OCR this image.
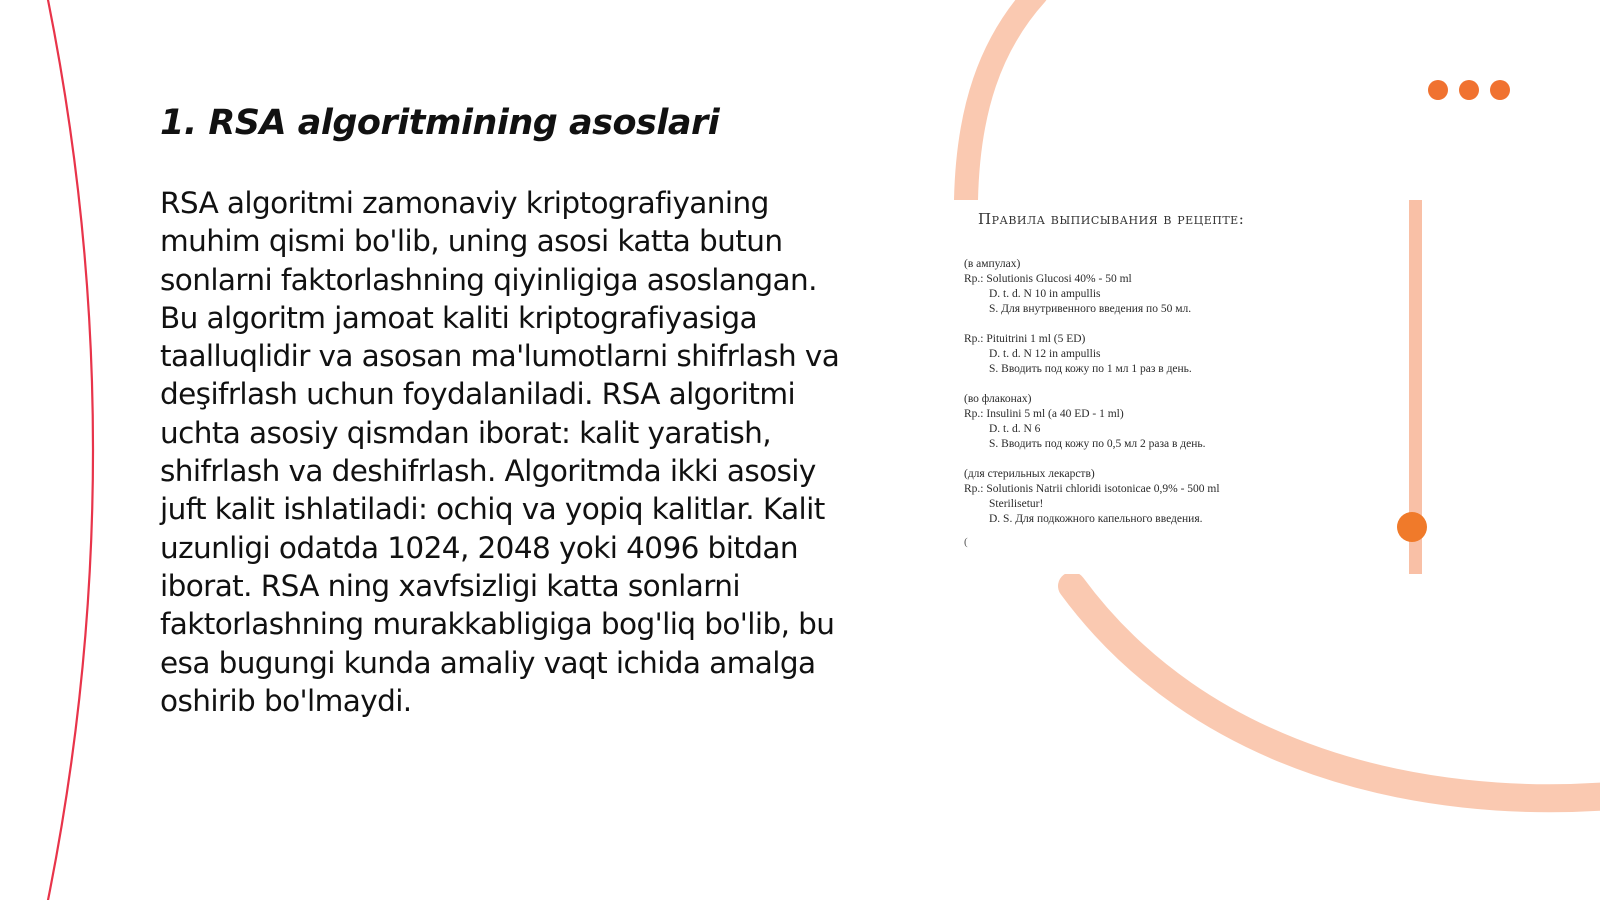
1. RSA algoritmining asoslari

RSA algoritmi zamonaviy kriptografiyaning muhim qismi bo'lib, uning asosi katta butun sonlarni faktorlashning qiyinligiga asoslangan. Bu algoritm jamoat kaliti kriptografiyasiga taalluqlidir va asosan ma'lumotlarni shifrlash va deşifrlash uchun foydalaniladi. RSA algoritmi uchta asosiy qismdan iborat: kalit yaratish, shifrlash va deshifrlash. Algoritmda ikki asosiy juft kalit ishlatiladi: ochiq va yopiq kalitlar. Kalit uzunligi odatda 1024, 2048 yoki 4096 bitdan iborat. RSA ning xavfsizligi katta sonlarni faktorlashning murakkabligiga bog'liq bo'lib, bu esa bugungi kunda amaliy vaqt ichida amalga oshirib bo'lmaydi.

Правила выписывания в рецепте:
(в ампулах)
Rp.: Solutionis Glucosi 40% - 50 ml
D. t. d. N 10 in ampullis
S. Для внутривенного введения по 50 мл.
Rp.: Pituitrini 1 ml (5 ED)
D. t. d. N 12 in ampullis
S. Вводить под кожу по 1 мл 1 раз в день.
(во флаконах)
Rp.: Insulini 5 ml (а 40 ED - 1 ml)
D. t. d. N 6
S. Вводить под кожу по 0,5 мл 2 раза в день.
(для стерильных лекарств)
Rp.: Solutionis Natrii chloridi isotonicae 0,9% - 500 ml
Sterilisetur!
D. S. Для подкожного капельного введения.
(
